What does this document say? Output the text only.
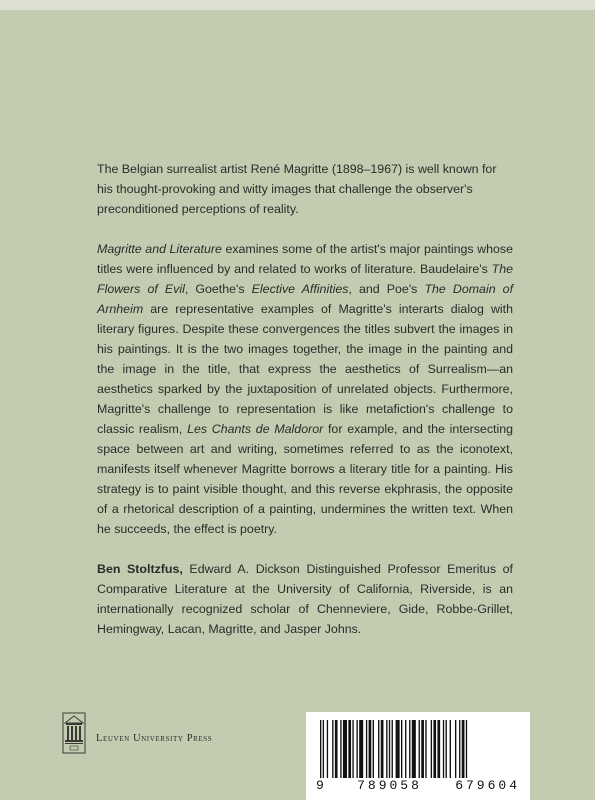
The Belgian surrealist artist René Magritte (1898–1967) is well known for his thought-provoking and witty images that challenge the observer's preconditioned perceptions of reality.

Magritte and Literature examines some of the artist's major paintings whose titles were influenced by and related to works of literature. Baudelaire's The Flowers of Evil, Goethe's Elective Affinities, and Poe's The Domain of Arnheim are representative examples of Magritte's interarts dialog with literary figures. Despite these convergences the titles subvert the images in his paintings. It is the two images together, the image in the painting and the image in the title, that express the aesthetics of Surrealism—an aesthetics sparked by the juxtaposition of unrelated objects. Furthermore, Magritte's challenge to representation is like metafiction's challenge to classic realism, Les Chants de Maldoror for example, and the intersecting space between art and writing, sometimes referred to as the iconotext, manifests itself whenever Magritte borrows a literary title for a painting. His strategy is to paint visible thought, and this reverse ekphrasis, the opposite of a rhetorical description of a painting, undermines the written text. When he succeeds, the effect is poetry.

Ben Stoltzfus, Edward A. Dickson Distinguished Professor Emeritus of Comparative Literature at the University of California, Riverside, is an internationally recognized scholar of Chenneviere, Gide, Robbe-Grillet, Hemingway, Lacan, Magritte, and Jasper Johns.

Leuven University Press
9	789058	679604
